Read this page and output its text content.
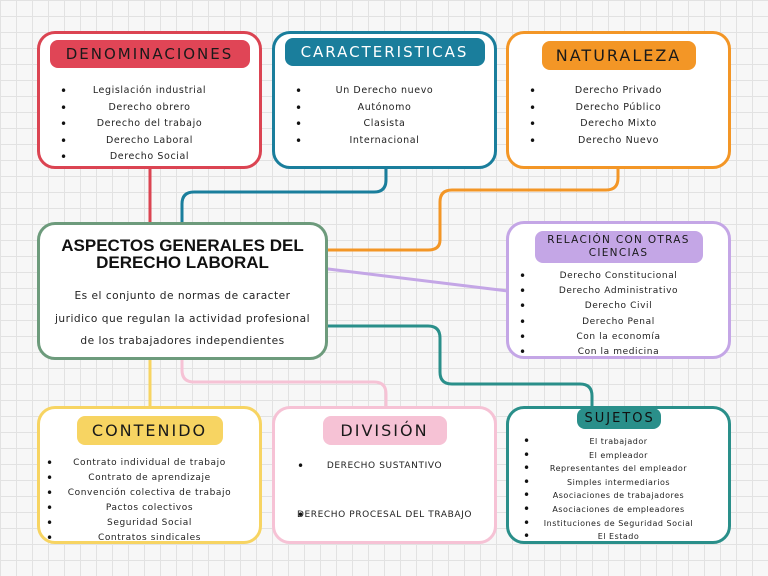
DENOMINACIONES
• Legislación industrial
• Derecho obrero
• Derecho del trabajo
• Derecho Laboral
• Derecho Social
CARACTERISTICAS
• Un Derecho nuevo
• Autónomo
• Clasista
• Internacional
NATURALEZA
• Derecho Privado
• Derecho Público
• Derecho Mixto
• Derecho Nuevo
ASPECTOS GENERALES DEL DERECHO LABORAL

Es el conjunto de normas de caracter
juridico que regulan la actividad profesional
de los trabajadores independientes

RELACIÓN CON OTRAS CIENCIAS
• Derecho Constitucional
• Derecho Administrativo
• Derecho Civil
• Derecho Penal
• Con la economía
• Con la medicina
CONTENIDO
• Contrato individual de trabajo
• Contrato de aprendizaje
• Convención colectiva de trabajo
• Pactos colectivos
• Seguridad Social
• Contratos sindicales
DIVISIÓN
• DERECHO SUSTANTIVO
• DERECHO PROCESAL DEL TRABAJO
SUJETOS
• El trabajador
• El empleador
• Representantes del empleador
• Simples intermediarios
• Asociaciones de trabajadores
• Asociaciones de empleadores
• Instituciones de Seguridad Social
• El Estado
